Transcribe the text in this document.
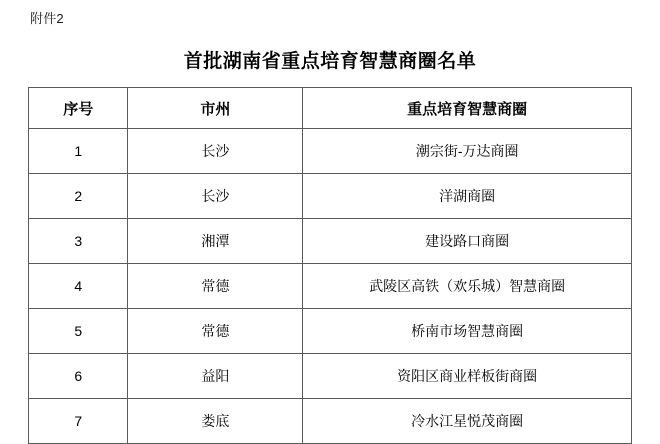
附件2
首批湖南省重点培育智慧商圈名单
序号	市州	重点培育智慧商圈
1	长沙	潮宗街-万达商圈
2	长沙	洋湖商圈
3	湘潭	建设路口商圈
4	常德	武陵区高铁（欢乐城）智慧商圈
5	常德	桥南市场智慧商圈
6	益阳	资阳区商业样板街商圈
7	娄底	冷水江星悦茂商圈
